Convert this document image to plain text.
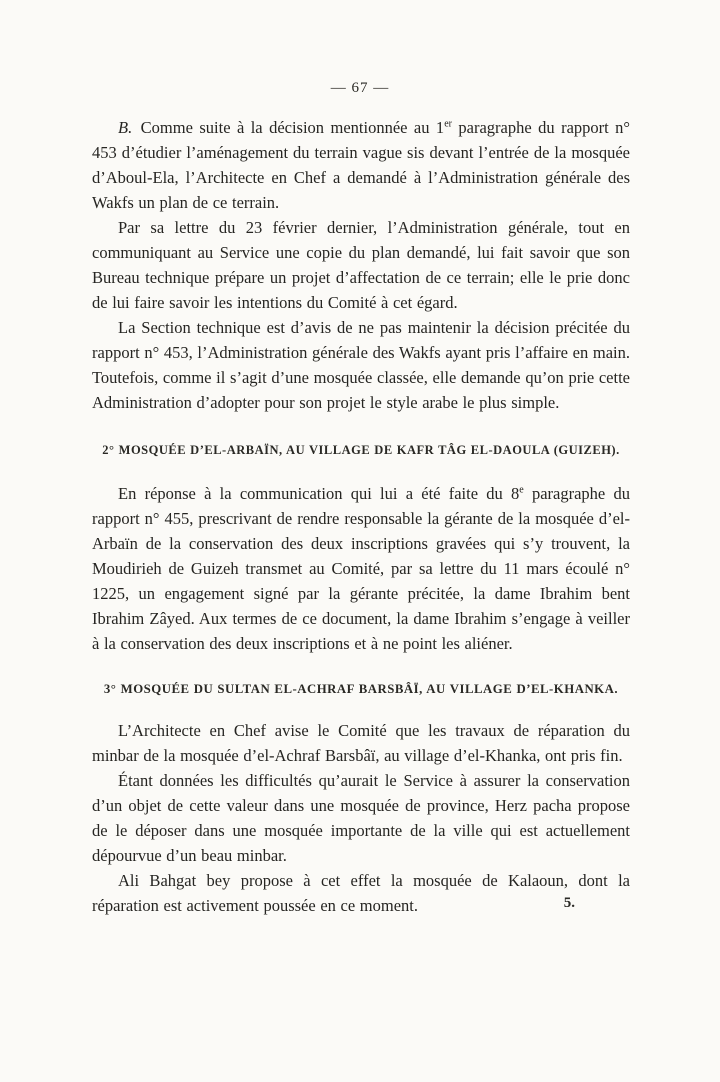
— 67 —

B. Comme suite à la décision mentionnée au 1er paragraphe du rapport n° 453 d’étudier l’aménagement du terrain vague sis devant l’entrée de la mosquée d’Aboul-Ela, l’Architecte en Chef a demandé à l’Administration générale des Wakfs un plan de ce terrain.

Par sa lettre du 23 février dernier, l’Administration générale, tout en communiquant au Service une copie du plan demandé, lui fait savoir que son Bureau technique prépare un projet d’affectation de ce terrain; elle le prie donc de lui faire savoir les intentions du Comité à cet égard.

La Section technique est d’avis de ne pas maintenir la décision précitée du rapport n° 453, l’Administration générale des Wakfs ayant pris l’affaire en main. Toutefois, comme il s’agit d’une mosquée classée, elle demande qu’on prie cette Administration d’adopter pour son projet le style arabe le plus simple.

2° MOSQUÉE D’EL-ARBAÏN, AU VILLAGE DE KAFR TÂG EL-DAOULA (GUIZEH).

En réponse à la communication qui lui a été faite du 8e paragraphe du rapport n° 455, prescrivant de rendre responsable la gérante de la mosquée d’el-Arbaïn de la conservation des deux inscriptions gravées qui s’y trouvent, la Moudirieh de Guizeh transmet au Comité, par sa lettre du 11 mars écoulé n° 1225, un engagement signé par la gérante précitée, la dame Ibrahim bent Ibrahim Zâyed. Aux termes de ce document, la dame Ibrahim s’engage à veiller à la conservation des deux inscriptions et à ne point les aliéner.

3° MOSQUÉE DU SULTAN EL-ACHRAF BARSBÂÏ, AU VILLAGE D’EL-KHANKA.

L’Architecte en Chef avise le Comité que les travaux de réparation du minbar de la mosquée d’el-Achraf Barsbâï, au village d’el-Khanka, ont pris fin.

Étant données les difficultés qu’aurait le Service à assurer la conservation d’un objet de cette valeur dans une mosquée de province, Herz pacha propose de le déposer dans une mosquée importante de la ville qui est actuellement dépourvue d’un beau minbar.

Ali Bahgat bey propose à cet effet la mosquée de Kalaoun, dont la réparation est activement poussée en ce moment.	5.
